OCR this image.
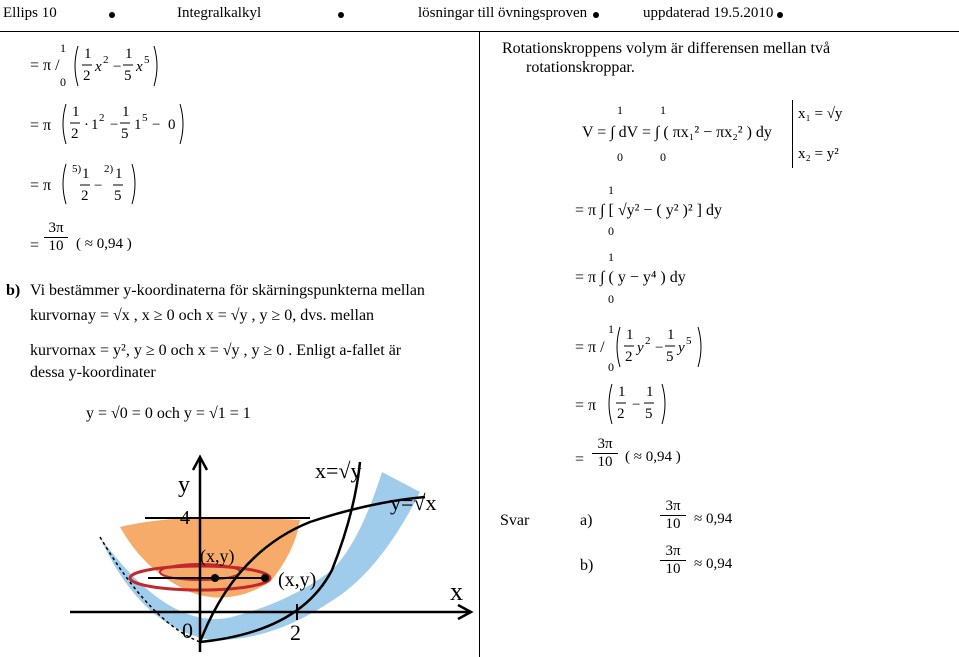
Ellips 10	Integralkalkyl	lösningar till övningsproven	uppdaterad 19.5.2010
= π /
1
0
1
2
x 2 −
1
5
x 5
= π
1
2
· 1 2 −
1
5
1 5 − 0
= π
5) 1
2
−
2) 1
5
=
3π
10 ( ≈ 0,94 )
b) Vi bestämmer y-koordinaterna för skärningspunkterna mellan
kurvorna y = √x , x ≥ 0 och x = √y , y ≥ 0, dvs. mellan
kurvorna x = y², y ≥ 0 och x = √y , y ≥ 0 . Enligt a-fallet är
dessa y-koordinater
y = √0 = 0 och y = √1 = 1
y
4
x=√y
y=√x
(x,y)
(x,y)	x
0	2
Rotationskroppens volym är differensen mellan två
rotationskroppar.
1	1
0	0
V = ∫ dV = ∫ ( πx₁² − πx₂² ) dy
x₁ = √y
x₂ = y²
1
0
= π ∫ [ √y² − ( y² )² ] dy
1
0
= π ∫ ( y − y⁴ ) dy
1
0
= π /
1
2
y 2 −
1
5
y 5
= π
1
2
−
1
5
=
3π
10 ( ≈ 0,94 )
Svar	a)
3π
10 ≈ 0,94
b)
3π
10 ≈ 0,94
